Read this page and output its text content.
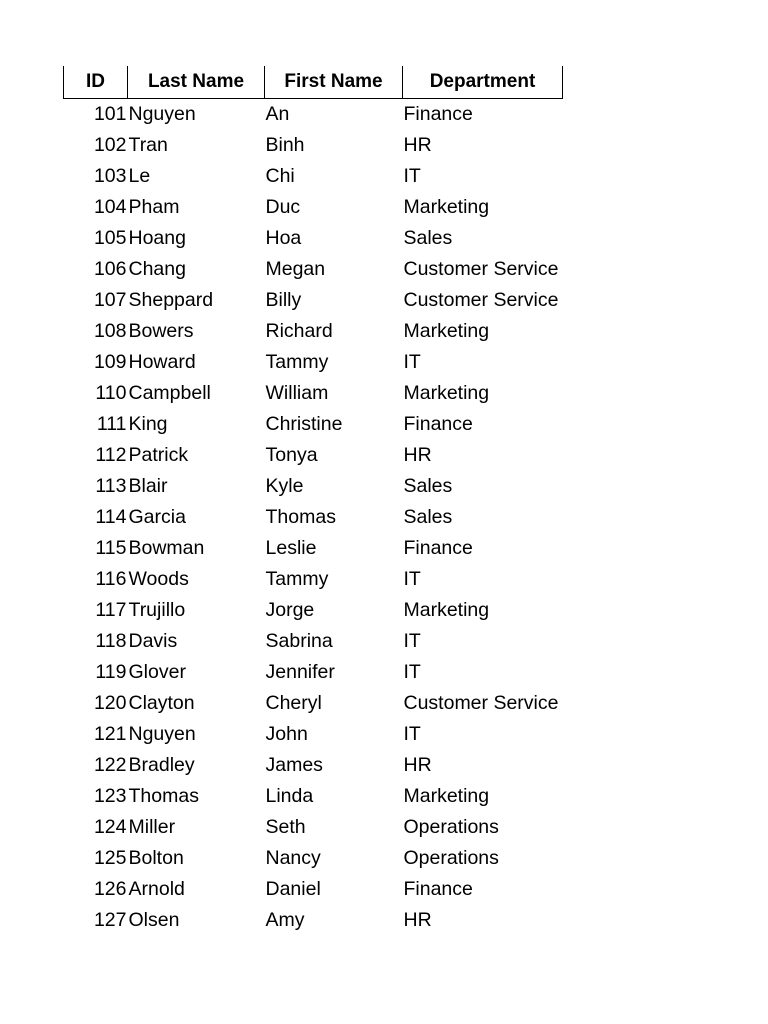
ID	Last Name	First Name	Department
101	Nguyen	An	Finance
102	Tran	Binh	HR
103	Le	Chi	IT
104	Pham	Duc	Marketing
105	Hoang	Hoa	Sales
106	Chang	Megan	Customer Service
107	Sheppard	Billy	Customer Service
108	Bowers	Richard	Marketing
109	Howard	Tammy	IT
110	Campbell	William	Marketing
111	King	Christine	Finance
112	Patrick	Tonya	HR
113	Blair	Kyle	Sales
114	Garcia	Thomas	Sales
115	Bowman	Leslie	Finance
116	Woods	Tammy	IT
117	Trujillo	Jorge	Marketing
118	Davis	Sabrina	IT
119	Glover	Jennifer	IT
120	Clayton	Cheryl	Customer Service
121	Nguyen	John	IT
122	Bradley	James	HR
123	Thomas	Linda	Marketing
124	Miller	Seth	Operations
125	Bolton	Nancy	Operations
126	Arnold	Daniel	Finance
127	Olsen	Amy	HR
